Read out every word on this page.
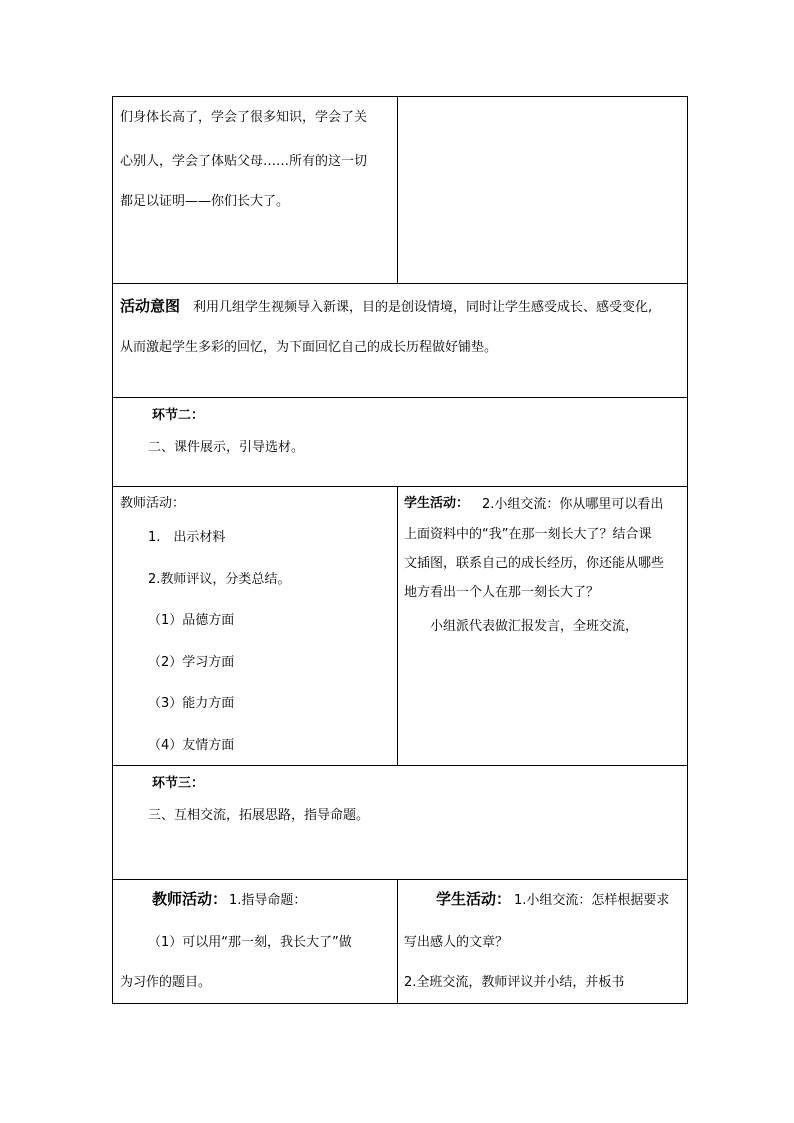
们身体长高了，学会了很多知识，学会了关
心别人，学会了体贴父母……所有的这一切
都足以证明——你们长大了。
活动意图 利用几组学生视频导入新课，目的是创设情境，同时让学生感受成长、感受变化,
从而激起学生多彩的回忆，为下面回忆自己的成长历程做好铺垫。
环节二：
二、课件展示，引导选材。
教师活动：
1.　出示材料
2.教师评议，分类总结。
（1）品德方面
（2）学习方面
（3）能力方面
（4）友情方面
学生活动： 2.小组交流：你从哪里可以看出
上面资料中的“我”在那一刻长大了？结合课
文插图，联系自己的成长经历，你还能从哪些
地方看出一个人在那一刻长大了？
小组派代表做汇报发言，全班交流，
环节三：
三、互相交流，拓展思路，指导命题。
教师活动： 1.指导命题：
（1）可以用“那一刻，我长大了”做
为习作的题目。
学生活动： 1.小组交流：怎样根据要求
写出感人的文章？
2.全班交流，教师评议并小结，并板书
